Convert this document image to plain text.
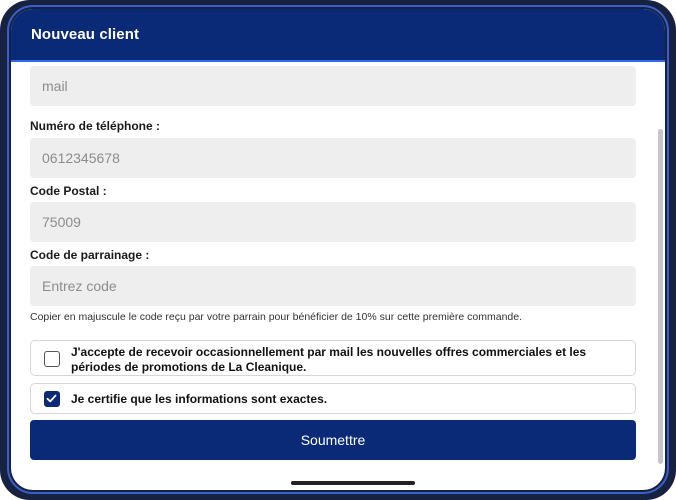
Nouveau client
mail
Numéro de téléphone :
0612345678
Code Postal :
75009
Code de parrainage :
Entrez code
Copier en majuscule le code reçu par votre parrain pour bénéficier de 10% sur cette première commande.
J'accepte de recevoir occasionnellement par mail les nouvelles offres commerciales et les périodes de promotions de La Cleanique.
Je certifie que les informations sont exactes.
Soumettre
